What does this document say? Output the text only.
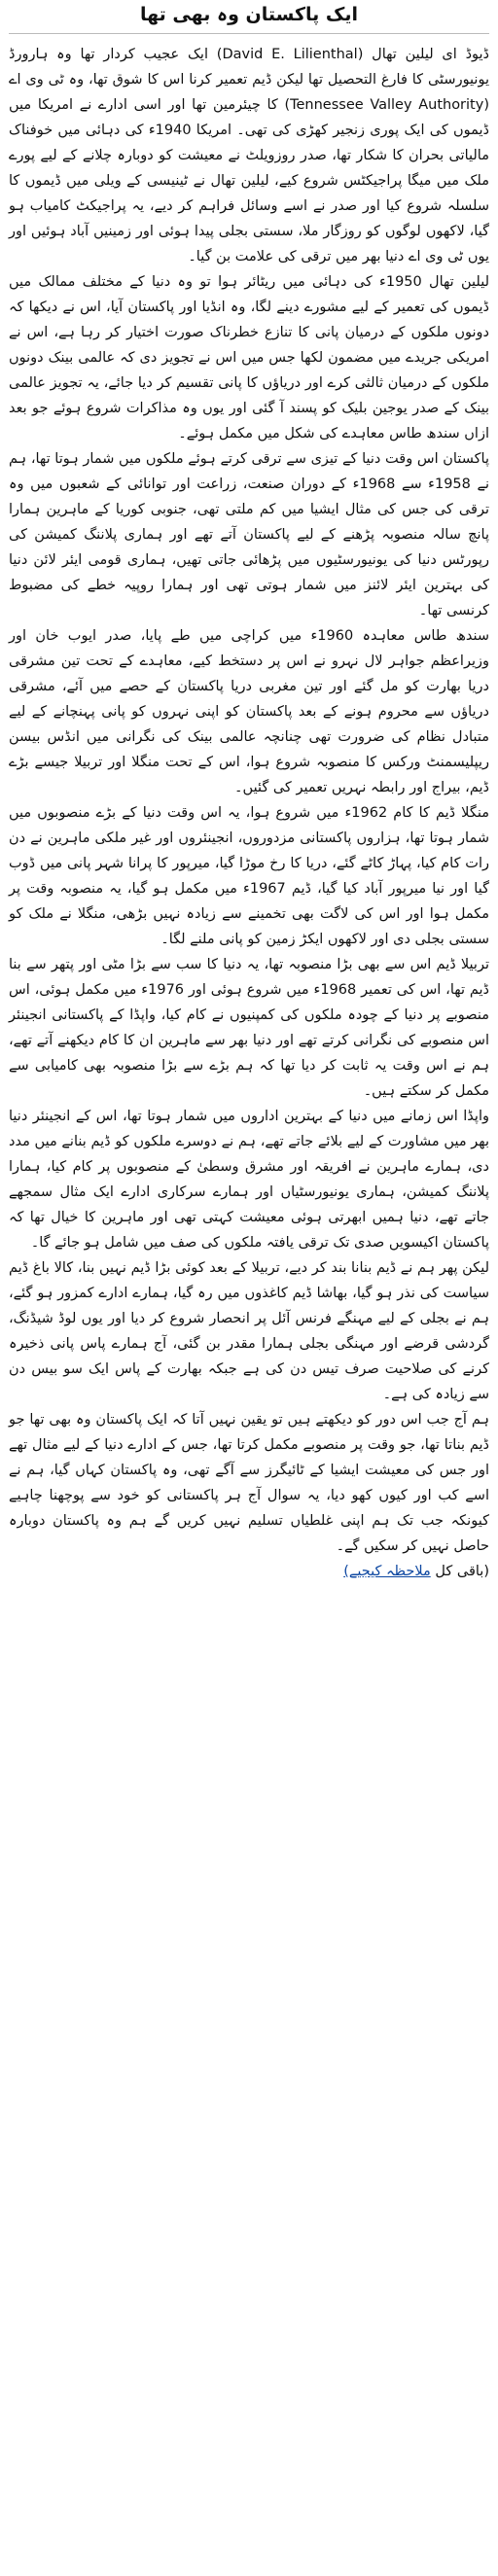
ایک پاکستان وہ بھی تھا

ڈیوڈ ای لیلین تھال (David E. Lilienthal) ایک عجیب کردار تھا وہ ہارورڈ یونیورسٹی کا فارغ التحصیل تھا لیکن ڈیم تعمیر کرنا اس کا شوق تھا، وہ ٹی وی اے (Tennessee Valley Authority) کا چیئرمین تھا اور اسی ادارے نے امریکا میں ڈیموں کی ایک پوری زنجیر کھڑی کی تھی۔ امریکا 1940ء کی دہائی میں خوفناک مالیاتی بحران کا شکار تھا، صدر روزویلٹ نے معیشت کو دوبارہ چلانے کے لیے پورے ملک میں میگا پراجیکٹس شروع کیے، لیلین تھال نے ٹینیسی کے ویلی میں ڈیموں کا سلسلہ شروع کیا اور صدر نے اسے وسائل فراہم کر دیے، یہ پراجیکٹ کامیاب ہو گیا، لاکھوں لوگوں کو روزگار ملا، سستی بجلی پیدا ہوئی اور زمینیں آباد ہوئیں اور یوں ٹی وی اے دنیا بھر میں ترقی کی علامت بن گیا۔

لیلین تھال 1950ء کی دہائی میں ریٹائر ہوا تو وہ دنیا کے مختلف ممالک میں ڈیموں کی تعمیر کے لیے مشورے دینے لگا، وہ انڈیا اور پاکستان آیا، اس نے دیکھا کہ دونوں ملکوں کے درمیان پانی کا تنازع خطرناک صورت اختیار کر رہا ہے، اس نے امریکی جریدے میں مضمون لکھا جس میں اس نے تجویز دی کہ عالمی بینک دونوں ملکوں کے درمیان ثالثی کرے اور دریاؤں کا پانی تقسیم کر دیا جائے، یہ تجویز عالمی بینک کے صدر یوجین بلیک کو پسند آ گئی اور یوں وہ مذاکرات شروع ہوئے جو بعد ازاں سندھ طاس معاہدے کی شکل میں مکمل ہوئے۔

پاکستان اس وقت دنیا کے تیزی سے ترقی کرتے ہوئے ملکوں میں شمار ہوتا تھا، ہم نے 1958ء سے 1968ء کے دوران صنعت، زراعت اور توانائی کے شعبوں میں وہ ترقی کی جس کی مثال ایشیا میں کم ملتی تھی، جنوبی کوریا کے ماہرین ہمارا پانچ سالہ منصوبہ پڑھنے کے لیے پاکستان آتے تھے اور ہماری پلاننگ کمیشن کی رپورٹس دنیا کی یونیورسٹیوں میں پڑھائی جاتی تھیں، ہماری قومی ایئر لائن دنیا کی بہترین ایئر لائنز میں شمار ہوتی تھی اور ہمارا روپیہ خطے کی مضبوط کرنسی تھا۔

سندھ طاس معاہدہ 1960ء میں کراچی میں طے پایا، صدر ایوب خان اور وزیراعظم جواہر لال نہرو نے اس پر دستخط کیے، معاہدے کے تحت تین مشرقی دریا بھارت کو مل گئے اور تین مغربی دریا پاکستان کے حصے میں آئے، مشرقی دریاؤں سے محروم ہونے کے بعد پاکستان کو اپنی نہروں کو پانی پہنچانے کے لیے متبادل نظام کی ضرورت تھی چنانچہ عالمی بینک کی نگرانی میں انڈس بیسن ریپلیسمنٹ ورکس کا منصوبہ شروع ہوا، اس کے تحت منگلا اور تربیلا جیسے بڑے ڈیم، بیراج اور رابطہ نہریں تعمیر کی گئیں۔

منگلا ڈیم کا کام 1962ء میں شروع ہوا، یہ اس وقت دنیا کے بڑے منصوبوں میں شمار ہوتا تھا، ہزاروں پاکستانی مزدوروں، انجینئروں اور غیر ملکی ماہرین نے دن رات کام کیا، پہاڑ کاٹے گئے، دریا کا رخ موڑا گیا، میرپور کا پرانا شہر پانی میں ڈوب گیا اور نیا میرپور آباد کیا گیا، ڈیم 1967ء میں مکمل ہو گیا، یہ منصوبہ وقت پر مکمل ہوا اور اس کی لاگت بھی تخمینے سے زیادہ نہیں بڑھی، منگلا نے ملک کو سستی بجلی دی اور لاکھوں ایکڑ زمین کو پانی ملنے لگا۔

تربیلا ڈیم اس سے بھی بڑا منصوبہ تھا، یہ دنیا کا سب سے بڑا مٹی اور پتھر سے بنا ڈیم تھا، اس کی تعمیر 1968ء میں شروع ہوئی اور 1976ء میں مکمل ہوئی، اس منصوبے پر دنیا کے چودہ ملکوں کی کمپنیوں نے کام کیا، واپڈا کے پاکستانی انجینئر اس منصوبے کی نگرانی کرتے تھے اور دنیا بھر سے ماہرین ان کا کام دیکھنے آتے تھے، ہم نے اس وقت یہ ثابت کر دیا تھا کہ ہم بڑے سے بڑا منصوبہ بھی کامیابی سے مکمل کر سکتے ہیں۔

واپڈا اس زمانے میں دنیا کے بہترین اداروں میں شمار ہوتا تھا، اس کے انجینئر دنیا بھر میں مشاورت کے لیے بلائے جاتے تھے، ہم نے دوسرے ملکوں کو ڈیم بنانے میں مدد دی، ہمارے ماہرین نے افریقہ اور مشرق وسطیٰ کے منصوبوں پر کام کیا، ہمارا پلاننگ کمیشن، ہماری یونیورسٹیاں اور ہمارے سرکاری ادارے ایک مثال سمجھے جاتے تھے، دنیا ہمیں ابھرتی ہوئی معیشت کہتی تھی اور ماہرین کا خیال تھا کہ پاکستان اکیسویں صدی تک ترقی یافتہ ملکوں کی صف میں شامل ہو جائے گا۔

لیکن پھر ہم نے ڈیم بنانا بند کر دیے، تربیلا کے بعد کوئی بڑا ڈیم نہیں بنا، کالا باغ ڈیم سیاست کی نذر ہو گیا، بھاشا ڈیم کاغذوں میں رہ گیا، ہمارے ادارے کمزور ہو گئے، ہم نے بجلی کے لیے مہنگے فرنس آئل پر انحصار شروع کر دیا اور یوں لوڈ شیڈنگ، گردشی قرضے اور مہنگی بجلی ہمارا مقدر بن گئی، آج ہمارے پاس پانی ذخیرہ کرنے کی صلاحیت صرف تیس دن کی ہے جبکہ بھارت کے پاس ایک سو بیس دن سے زیادہ کی ہے۔

ہم آج جب اس دور کو دیکھتے ہیں تو یقین نہیں آتا کہ ایک پاکستان وہ بھی تھا جو ڈیم بناتا تھا، جو وقت پر منصوبے مکمل کرتا تھا، جس کے ادارے دنیا کے لیے مثال تھے اور جس کی معیشت ایشیا کے ٹائیگرز سے آگے تھی، وہ پاکستان کہاں گیا، ہم نے اسے کب اور کیوں کھو دیا، یہ سوال آج ہر پاکستانی کو خود سے پوچھنا چاہیے کیونکہ جب تک ہم اپنی غلطیاں تسلیم نہیں کریں گے ہم وہ پاکستان دوبارہ حاصل نہیں کر سکیں گے۔

(باقی کل ملاحظہ کیجیے)
